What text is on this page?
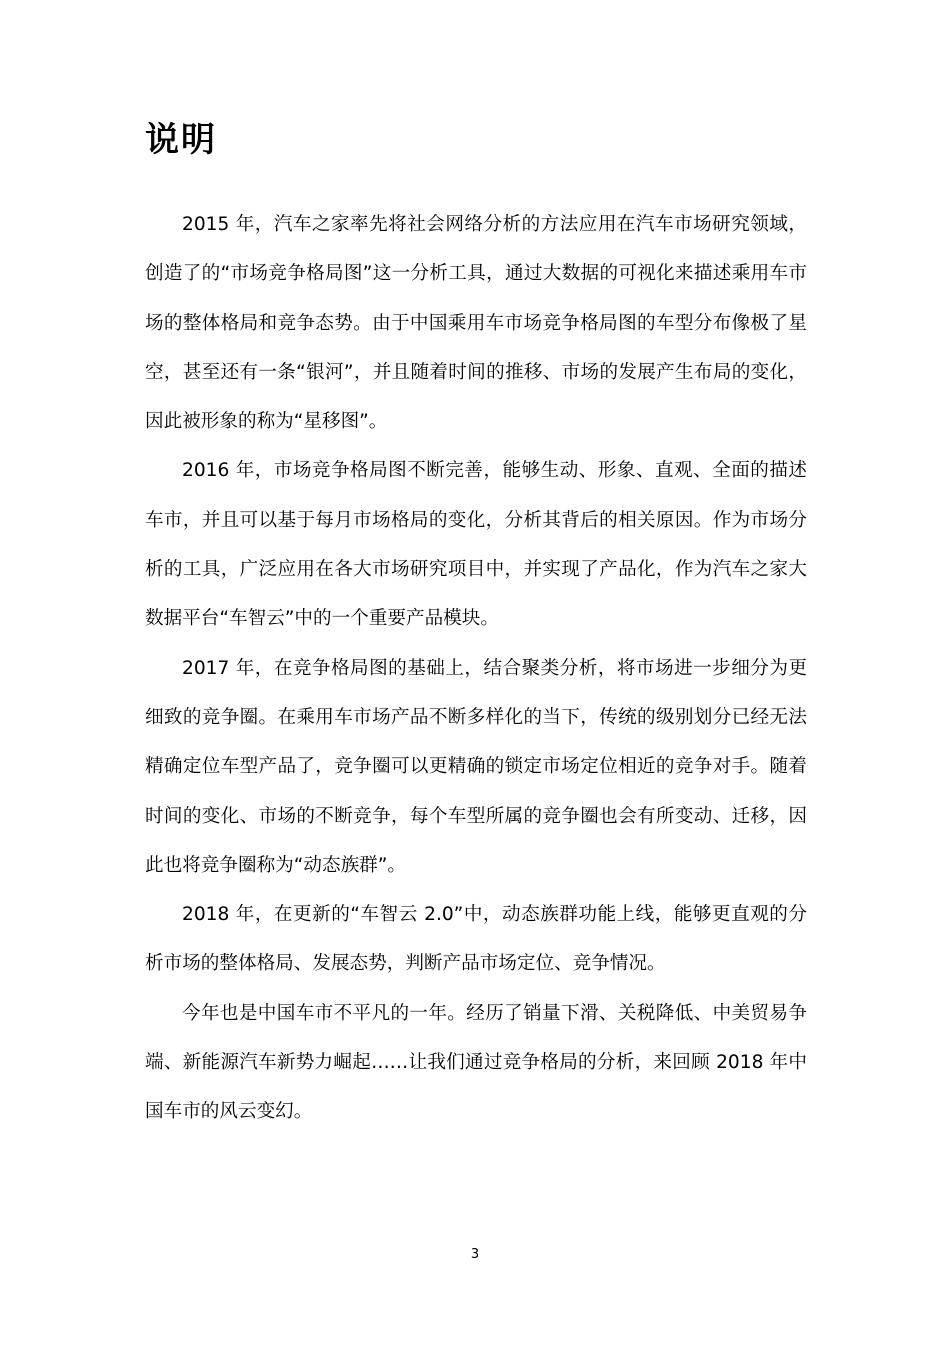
说明

2015 年，汽车之家率先将社会网络分析的方法应用在汽车市场研究领域，创造了的“市场竞争格局图”这一分析工具，通过大数据的可视化来描述乘用车市场的整体格局和竞争态势。由于中国乘用车市场竞争格局图的车型分布像极了星空，甚至还有一条“银河”，并且随着时间的推移、市场的发展产生布局的变化，因此被形象的称为“星移图”。

2016 年，市场竞争格局图不断完善，能够生动、形象、直观、全面的描述车市，并且可以基于每月市场格局的变化，分析其背后的相关原因。作为市场分析的工具，广泛应用在各大市场研究项目中，并实现了产品化，作为汽车之家大数据平台“车智云”中的一个重要产品模块。

2017 年，在竞争格局图的基础上，结合聚类分析，将市场进一步细分为更细致的竞争圈。在乘用车市场产品不断多样化的当下，传统的级别划分已经无法精确定位车型产品了，竞争圈可以更精确的锁定市场定位相近的竞争对手。随着时间的变化、市场的不断竞争，每个车型所属的竞争圈也会有所变动、迁移，因此也将竞争圈称为“动态族群”。

2018 年，在更新的“车智云 2.0”中，动态族群功能上线，能够更直观的分析市场的整体格局、发展态势，判断产品市场定位、竞争情况。

今年也是中国车市不平凡的一年。经历了销量下滑、关税降低、中美贸易争端、新能源汽车新势力崛起……让我们通过竞争格局的分析，来回顾 2018 年中国车市的风云变幻。

3
